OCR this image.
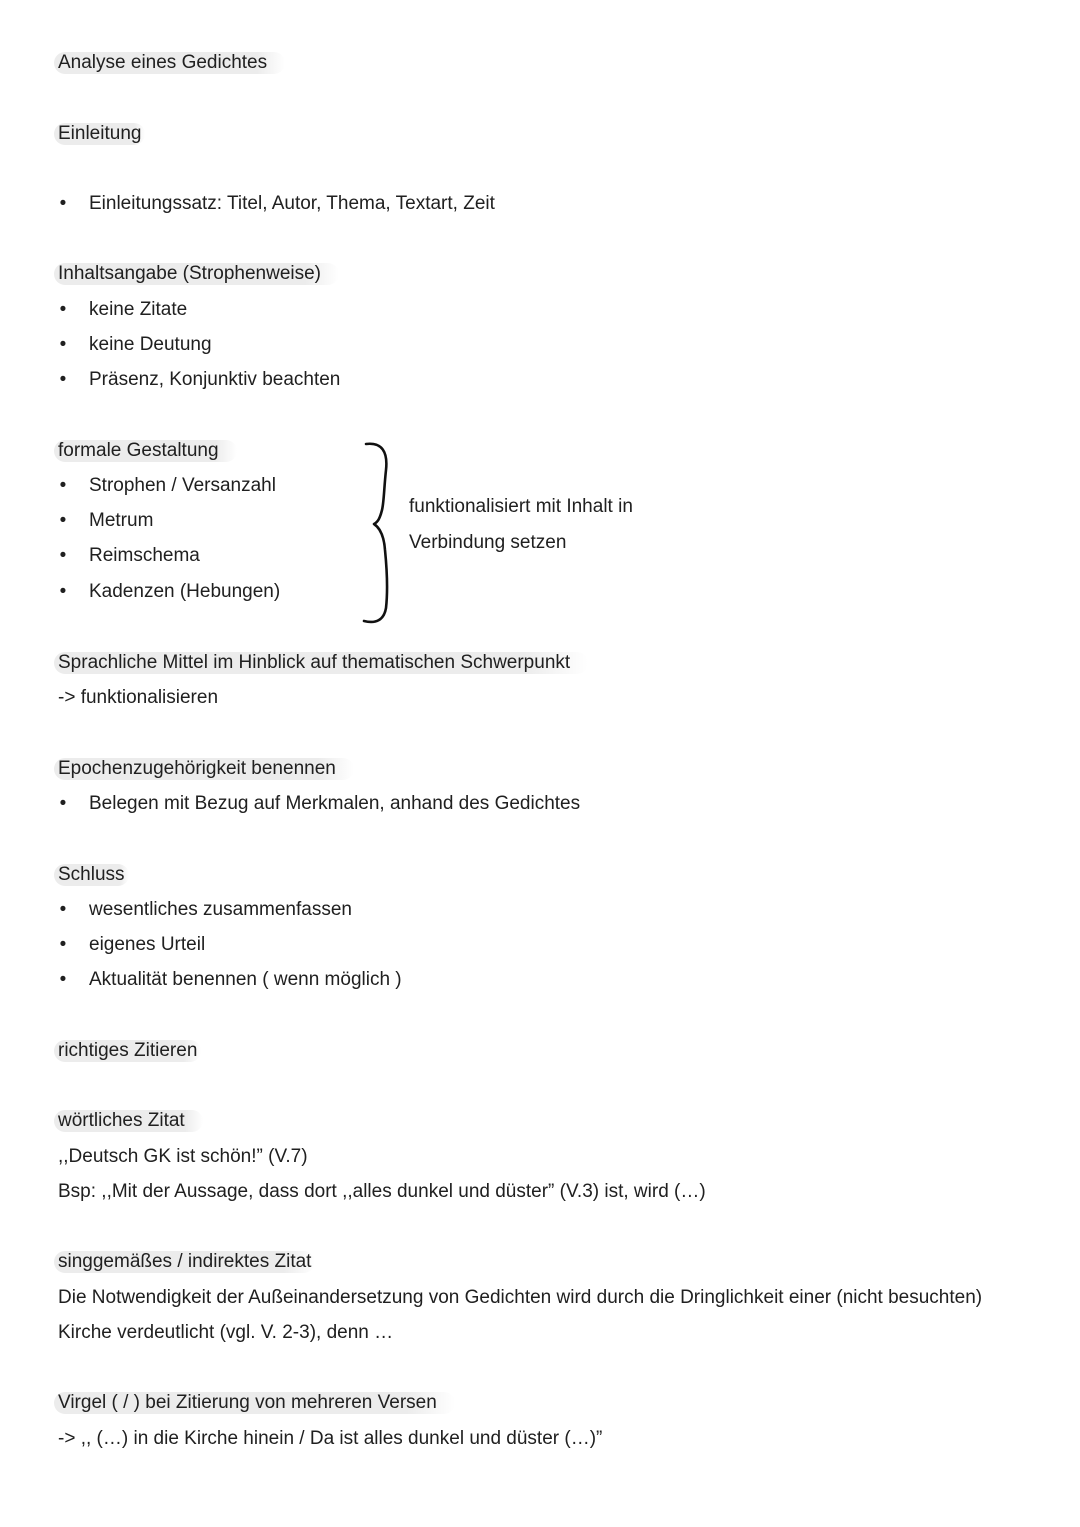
Analyse eines Gedichtes
Einleitung
• Einleitungssatz: Titel, Autor, Thema, Textart, Zeit
Inhaltsangabe (Strophenweise)
• keine Zitate
• keine Deutung
• Präsenz, Konjunktiv beachten
formale Gestaltung
• Strophen / Versanzahl
• Metrum
• Reimschema
• Kadenzen (Hebungen)
funktionalisiert mit Inhalt in
Verbindung setzen
Sprachliche Mittel im Hinblick auf thematischen Schwerpunkt
-> funktionalisieren
Epochenzugehörigkeit benennen
• Belegen mit Bezug auf Merkmalen, anhand des Gedichtes
Schluss
• wesentliches zusammenfassen
• eigenes Urteil
• Aktualität benennen ( wenn möglich )
richtiges Zitieren
wörtliches Zitat
,,Deutsch GK ist schön!” (V.7)
Bsp: ,,Mit der Aussage, dass dort ,,alles dunkel und düster” (V.3) ist, wird (…)
singgemäßes / indirektes Zitat
Die Notwendigkeit der Außeinandersetzung von Gedichten wird durch die Dringlichkeit einer (nicht besuchten)
Kirche verdeutlicht (vgl. V. 2-3), denn …
Virgel ( / ) bei Zitierung von mehreren Versen
-> ,, (…) in die Kirche hinein / Da ist alles dunkel und düster (…)”
